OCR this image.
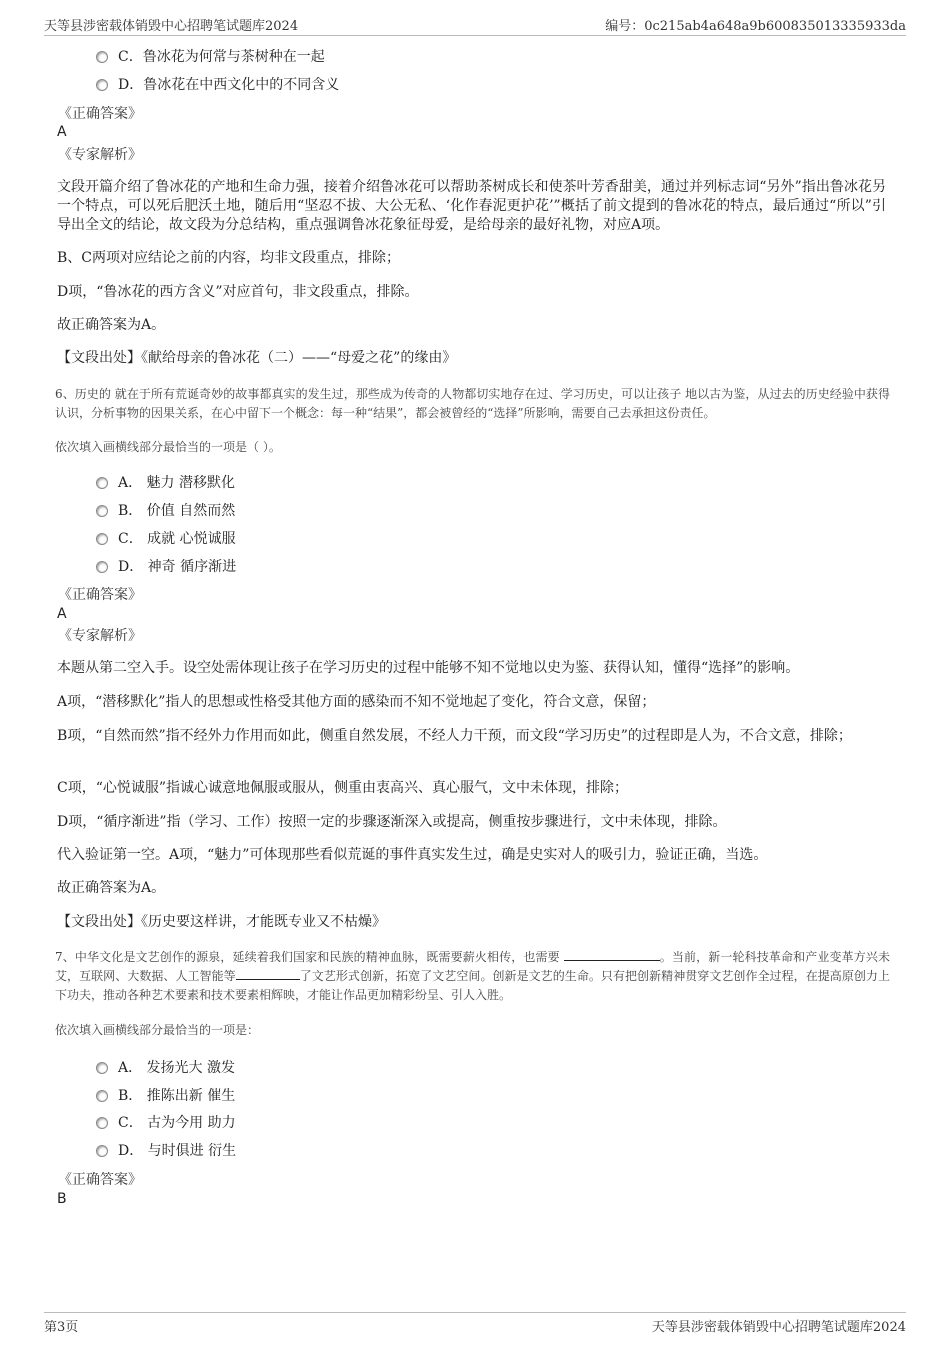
天等县涉密载体销毁中心招聘笔试题库2024	编号：0c215ab4a648a9b600835013335933da
C．鲁冰花为何常与茶树种在一起
D．鲁冰花在中西文化中的不同含义
《正确答案》
A
《专家解析》
文段开篇介绍了鲁冰花的产地和生命力强，接着介绍鲁冰花可以帮助茶树成长和使茶叶芳香甜美，通过并列标志词“另外”指出鲁冰花另一个特点，可以死后肥沃土地，随后用“坚忍不拔、大公无私、‘化作春泥更护花’”概括了前文提到的鲁冰花的特点，最后通过“所以”引导出全文的结论，故文段为分总结构，重点强调鲁冰花象征母爱，是给母亲的最好礼物，对应A项。
B、C两项对应结论之前的内容，均非文段重点，排除；
D项，“鲁冰花的西方含义”对应首句，非文段重点，排除。
故正确答案为A。
【文段出处】《献给母亲的鲁冰花（二）——“母爱之花”的缘由》
6、历史的 就在于所有荒诞奇妙的故事都真实的发生过，那些成为传奇的人物都切实地存在过、学习历史，可以让孩子 地以古为鉴，从过去的历史经验中获得认识，分析事物的因果关系，在心中留下一个概念：每一种“结果”，都会被曾经的“选择”所影响，需要自己去承担这份责任。
依次填入画横线部分最恰当的一项是（ ）。
A． 魅力 潜移默化
B． 价值 自然而然
C． 成就 心悦诚服
D． 神奇 循序渐进
《正确答案》
A
《专家解析》
本题从第二空入手。设空处需体现让孩子在学习历史的过程中能够不知不觉地以史为鉴、获得认知，懂得“选择”的影响。
A项，“潜移默化”指人的思想或性格受其他方面的感染而不知不觉地起了变化，符合文意，保留；
B项，“自然而然”指不经外力作用而如此，侧重自然发展，不经人力干预，而文段“学习历史”的过程即是人为，不合文意，排除；
C项，“心悦诚服”指诚心诚意地佩服或服从，侧重由衷高兴、真心服气，文中未体现，排除；
D项，“循序渐进”指（学习、工作）按照一定的步骤逐渐深入或提高，侧重按步骤进行，文中未体现，排除。
代入验证第一空。A项，“魅力”可体现那些看似荒诞的事件真实发生过，确是史实对人的吸引力，验证正确，当选。
故正确答案为A。
【文段出处】《历史要这样讲，才能既专业又不枯燥》
7、中华文化是文艺创作的源泉，延续着我们国家和民族的精神血脉，既需要薪火相传，也需要	。当前，新一轮科技革命和产业变革方兴未艾，互联网、大数据、人工智能等	了文艺形式创新，拓宽了文艺空间。创新是文艺的生命。只有把创新精神贯穿文艺创作全过程，在提高原创力上下功夫，推动各种艺术要素和技术要素相辉映，才能让作品更加精彩纷呈、引人入胜。
依次填入画横线部分最恰当的一项是：
A． 发扬光大 激发
B． 推陈出新 催生
C． 古为今用 助力
D． 与时俱进 衍生
《正确答案》
B
第3页	天等县涉密载体销毁中心招聘笔试题库2024
